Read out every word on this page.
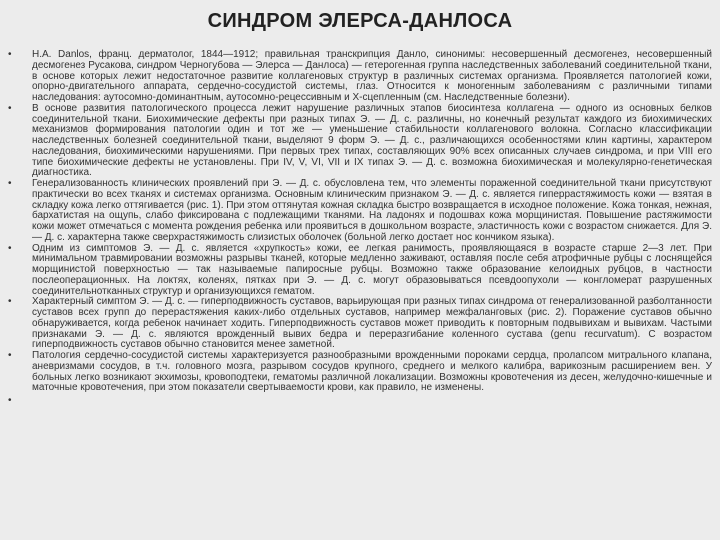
СИНДРОМ ЭЛЕРСА-ДАНЛОСА

• Н.А. Danlos, франц. дерматолог, 1844—1912; правильная транскрипция Данло, синонимы: несовершенный десмогенез, несовершенный десмогенез Русакова, синдром Черногубова — Элерса — Данлоса) — гетерогенная группа наследственных заболеваний соединительной ткани, в основе которых лежит недостаточное развитие коллагеновых структур в различных системах организма. Проявляется патологией кожи, опорно-двигательного аппарата, сердечно-сосудистой системы, глаз. Относится к моногенным заболеваниям с различными типами наследования: аутосомно-доминантным, аутосомно-рецессивным и X-сцепленным (см. Наследственные болезни).

• В основе развития патологического процесса лежит нарушение различных этапов биосинтеза коллагена — одного из основных белков соединительной ткани. Биохимические дефекты при разных типах Э. — Д. с. различны, но конечный результат каждого из биохимических механизмов формирования патологии один и тот же — уменьшение стабильности коллагенового волокна. Согласно классификации наследственных болезней соединительной ткани, выделяют 9 форм Э. — Д. с., различающихся особенностями клин картины, характером наследования, биохимическими нарушениями. При первых трех типах, составляющих 90% всех описанных случаев синдрома, и при VIII его типе биохимические дефекты не установлены. При IV, V, VI, VII и IX типах Э. — Д. с. возможна биохимическая и молекулярно-генетическая диагностика.

• Генерализованность клинических проявлений при Э. — Д. с. обусловлена тем, что элементы пораженной соединительной ткани присутствуют практически во всех тканях и системах организма. Основным клиническим признаком Э. — Д. с. является гиперрастяжимость кожи — взятая в складку кожа легко оттягивается (рис. 1). При этом оттянутая кожная складка быстро возвращается в исходное положение. Кожа тонкая, нежная, бархатистая на ощупь, слабо фиксирована с подлежащими тканями. На ладонях и подошвах кожа морщинистая. Повышение растяжимости кожи может отмечаться с момента рождения ребенка или проявиться в дошкольном возрасте, эластичность кожи с возрастом снижается. Для Э. — Д. с. характерна также сверхрастяжимость слизистых оболочек (больной легко достает нос кончиком языка).

• Одним из симптомов Э. — Д. с. является «хрупкость» кожи, ее легкая ранимость, проявляющаяся в возрасте старше 2—3 лет. При минимальном травмировании возможны разрывы тканей, которые медленно заживают, оставляя после себя атрофичные рубцы с лоснящейся морщинистой поверхностью — так называемые папиросные рубцы. Возможно также образование келоидных рубцов, в частности послеоперационных. На локтях, коленях, пятках при Э. — Д. с. могут образовываться псевдоопухоли — конгломерат разрушенных соединительнотканных структур и организующихся гематом.

• Характерный симптом Э. — Д. с. — гиперподвижность суставов, варьирующая при разных типах синдрома от генерализованной разболтанности суставов всех групп до перерастяжения каких-либо отдельных суставов, например межфаланговых (рис. 2). Поражение суставов обычно обнаруживается, когда ребенок начинает ходить. Гиперподвижность суставов может приводить к повторным подвывихам и вывихам. Частыми признаками Э. — Д. с. являются врожденный вывих бедра и переразгибание коленного сустава (genu recurvatum). С возрастом гиперподвижность суставов обычно становится менее заметной.

• Патология сердечно-сосудистой системы характеризуется разнообразными врожденными пороками сердца, пролапсом митрального клапана, аневризмами сосудов, в т.ч. головного мозга, разрывом сосудов крупного, среднего и мелкого калибра, варикозным расширением вен. У больных легко возникают экхимозы, кровоподтеки, гематомы различной локализации. Возможны кровотечения из десен, желудочно-кишечные и маточные кровотечения, при этом показатели свертываемости крови, как правило, не изменены.

•
